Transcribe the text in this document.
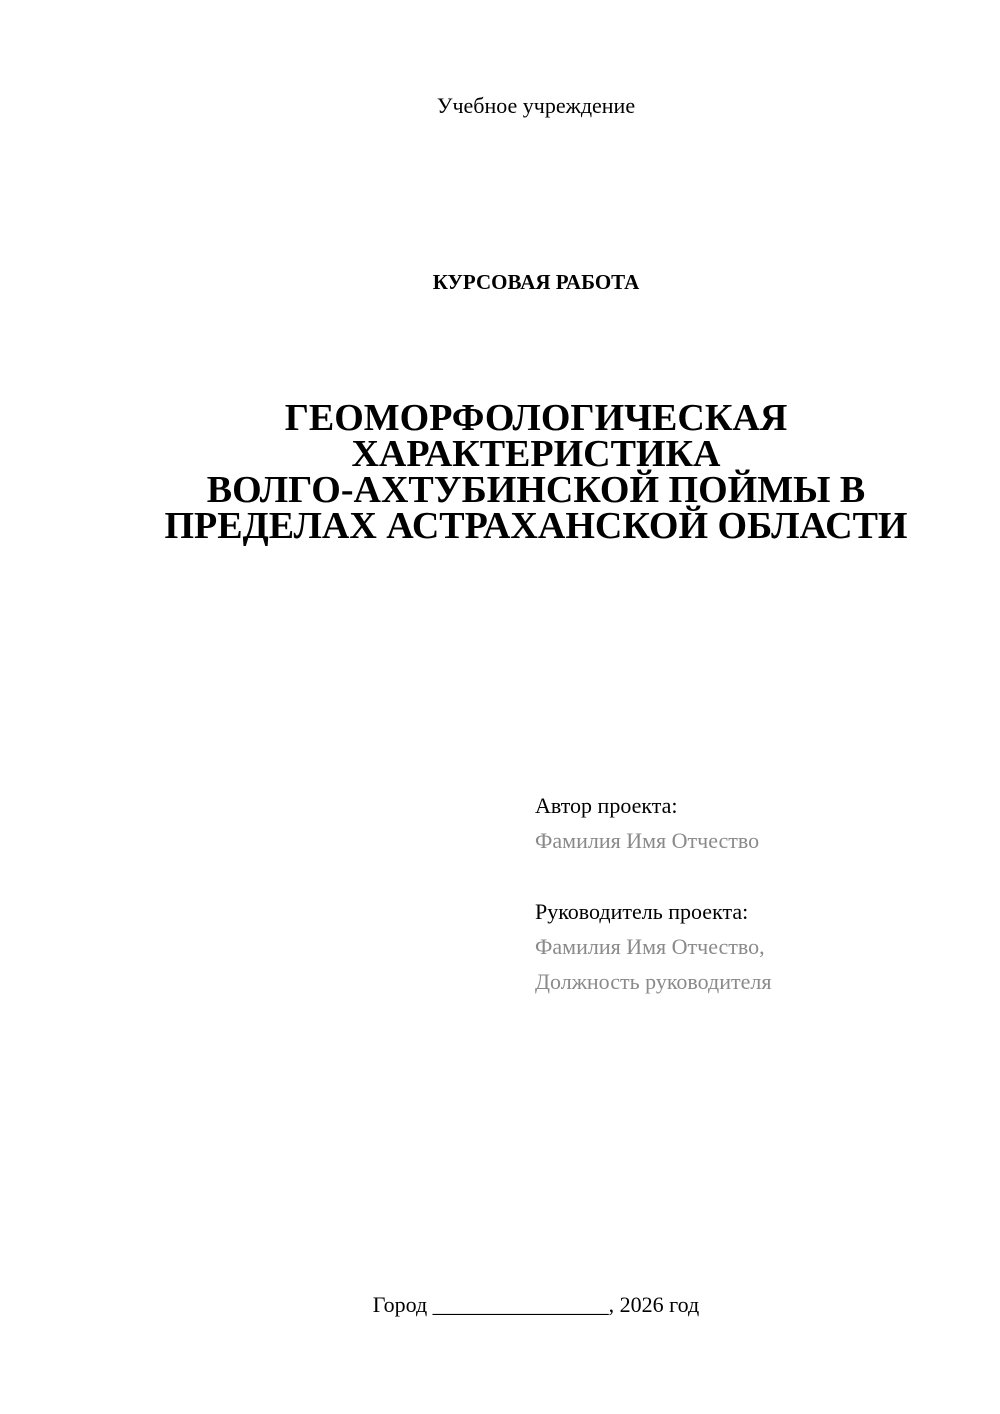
Учебное учреждение
КУРСОВАЯ РАБОТА
ГЕОМОРФОЛОГИЧЕСКАЯ
ХАРАКТЕРИСТИКА
ВОЛГО-АХТУБИНСКОЙ ПОЙМЫ В
ПРЕДЕЛАХ АСТРАХАНСКОЙ ОБЛАСТИ
Автор проекта:
Фамилия Имя Отчество
Руководитель проекта:
Фамилия Имя Отчество,
Должность руководителя
Город ________________, 2026 год
